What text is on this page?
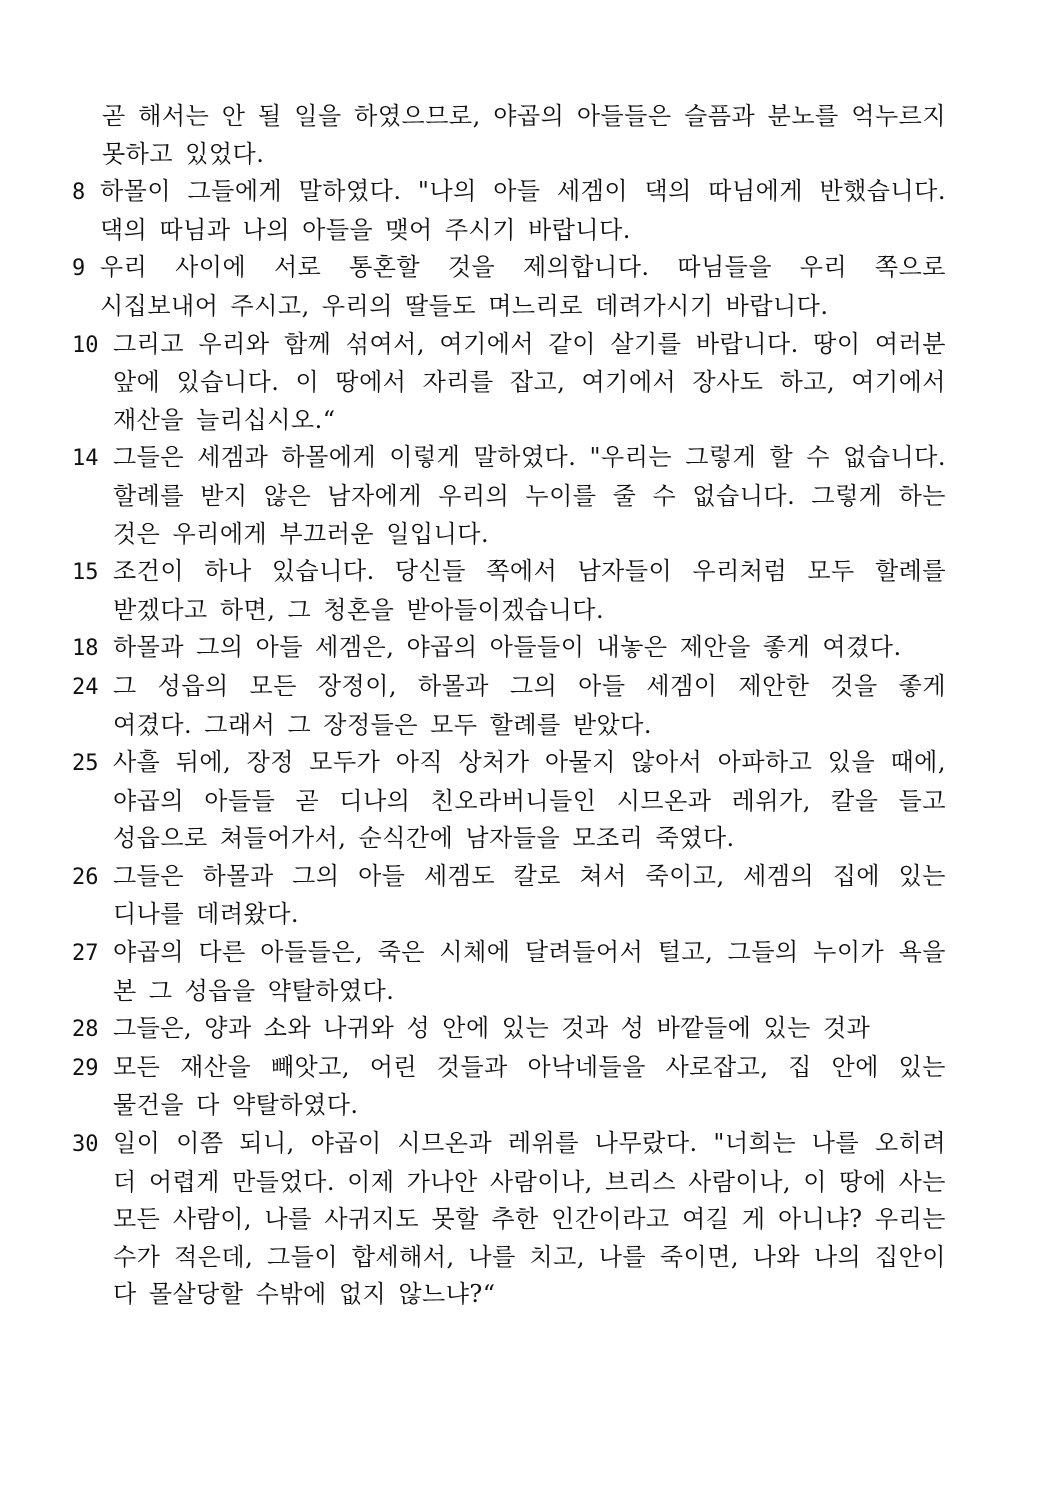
곧 해서는 안 될 일을 하였으므로, 야곱의 아들들은 슬픔과 분노를 억누르지 못하고 있었다.
8 하몰이 그들에게 말하였다. "나의 아들 세겜이 댁의 따님에게 반했습니다. 댁의 따님과 나의 아들을 맺어 주시기 바랍니다.
9 우리 사이에 서로 통혼할 것을 제의합니다. 따님들을 우리 쪽으로 시집보내어 주시고, 우리의 딸들도 며느리로 데려가시기 바랍니다.
10 그리고 우리와 함께 섞여서, 여기에서 같이 살기를 바랍니다. 땅이 여러분 앞에 있습니다. 이 땅에서 자리를 잡고, 여기에서 장사도 하고, 여기에서 재산을 늘리십시오.“
14 그들은 세겜과 하몰에게 이렇게 말하였다. "우리는 그렇게 할 수 없습니다. 할례를 받지 않은 남자에게 우리의 누이를 줄 수 없습니다. 그렇게 하는 것은 우리에게 부끄러운 일입니다.
15 조건이 하나 있습니다. 당신들 쪽에서 남자들이 우리처럼 모두 할례를 받겠다고 하면, 그 청혼을 받아들이겠습니다.
18 하몰과 그의 아들 세겜은, 야곱의 아들들이 내놓은 제안을 좋게 여겼다.
24 그 성읍의 모든 장정이, 하몰과 그의 아들 세겜이 제안한 것을 좋게 여겼다. 그래서 그 장정들은 모두 할례를 받았다.
25 사흘 뒤에, 장정 모두가 아직 상처가 아물지 않아서 아파하고 있을 때에, 야곱의 아들들 곧 디나의 친오라버니들인 시므온과 레위가, 칼을 들고 성읍으로 쳐들어가서, 순식간에 남자들을 모조리 죽였다.
26 그들은 하몰과 그의 아들 세겜도 칼로 쳐서 죽이고, 세겜의 집에 있는 디나를 데려왔다.
27 야곱의 다른 아들들은, 죽은 시체에 달려들어서 털고, 그들의 누이가 욕을 본 그 성읍을 약탈하였다.
28 그들은, 양과 소와 나귀와 성 안에 있는 것과 성 바깥들에 있는 것과
29 모든 재산을 빼앗고, 어린 것들과 아낙네들을 사로잡고, 집 안에 있는 물건을 다 약탈하였다.
30 일이 이쯤 되니, 야곱이 시므온과 레위를 나무랐다. "너희는 나를 오히려 더 어렵게 만들었다. 이제 가나안 사람이나, 브리스 사람이나, 이 땅에 사는 모든 사람이, 나를 사귀지도 못할 추한 인간이라고 여길 게 아니냐? 우리는 수가 적은데, 그들이 합세해서, 나를 치고, 나를 죽이면, 나와 나의 집안이 다 몰살당할 수밖에 없지 않느냐?“
